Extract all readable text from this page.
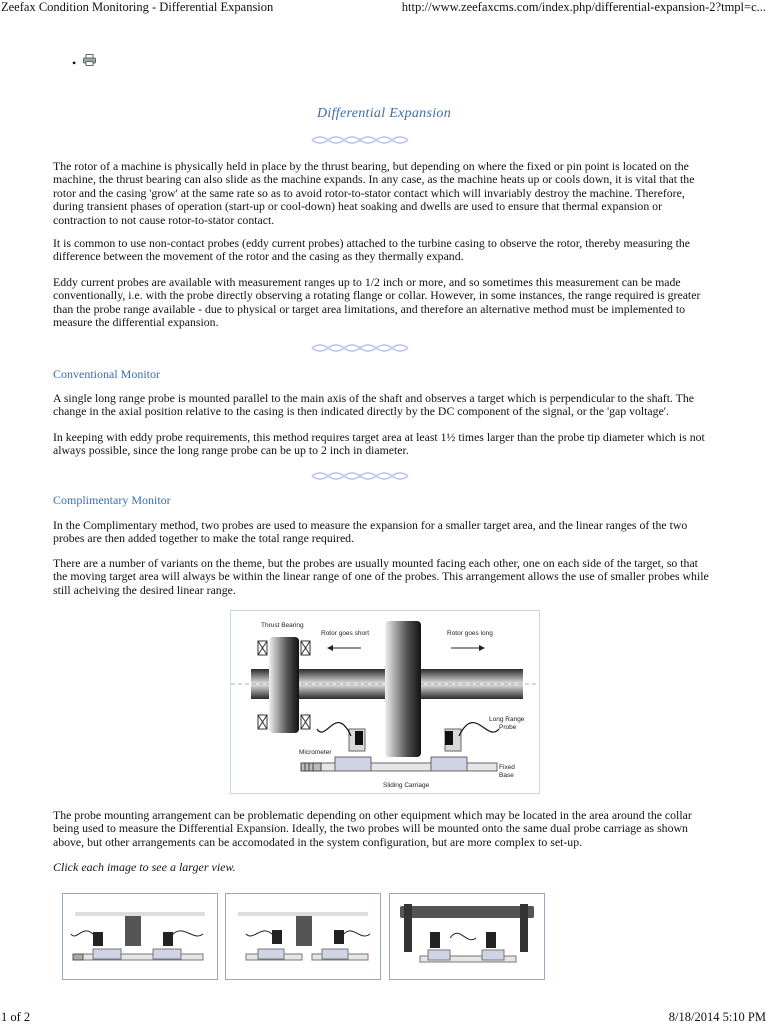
Zeefax Condition Monitoring - Differential Expansion	http://www.zeefaxcms.com/index.php/differential-expansion-2?tmpl=c...
•
Differential Expansion

The rotor of a machine is physically held in place by the thrust bearing, but depending on where the fixed or pin point is located on the machine, the thrust bearing can also slide as the machine expands. In any case, as the machine heats up or cools down, it is vital that the rotor and the casing 'grow' at the same rate so as to avoid rotor-to-stator contact which will invariably destroy the machine. Therefore, during transient phases of operation (start-up or cool-down) heat soaking and dwells are used to ensure that thermal expansion or contraction to not cause rotor-to-stator contact.

It is common to use non-contact probes (eddy current probes) attached to the turbine casing to observe the rotor, thereby measuring the difference between the movement of the rotor and the casing as they thermally expand.

Eddy current probes are available with measurement ranges up to 1/2 inch or more, and so sometimes this measurement can be made conventionally, i.e. with the probe directly observing a rotating flange or collar. However, in some instances, the range required is greater than the probe range available - due to physical or target area limitations, and therefore an alternative method must be implemented to measure the differential expansion.

Conventional Monitor

A single long range probe is mounted parallel to the main axis of the shaft and observes a target which is perpendicular to the shaft. The change in the axial position relative to the casing is then indicated directly by the DC component of the signal, or the 'gap voltage'.

In keeping with eddy probe requirements, this method requires target area at least 1½ times larger than the probe tip diameter which is not always possible, since the long range probe can be up to 2 inch in diameter.

Complimentary Monitor

In the Complimentary method, two probes are used to measure the expansion for a smaller target area, and the linear ranges of the two probes are then added together to make the total range required.

There are a number of variants on the theme, but the probes are usually mounted facing each other, one on each side of the target, so that the moving target area will always be within the linear range of one of the probes. This arrangement allows the use of smaller probes while still acheiving the desired linear range.

Thrust Bearing
Rotor goes short	Rotor goes long
Micrometer
Long Range
Probe
Fixed
Base
Sliding Carriage

The probe mounting arrangement can be problematic depending on other equipment which may be located in the area around the collar being used to measure the Differential Expansion. Ideally, the two probes will be mounted onto the same dual probe carriage as shown above, but other arrangements can be accomodated in the system configuration, but are more complex to set-up.

Click each image to see a larger view.
1 of 2	8/18/2014 5:10 PM
